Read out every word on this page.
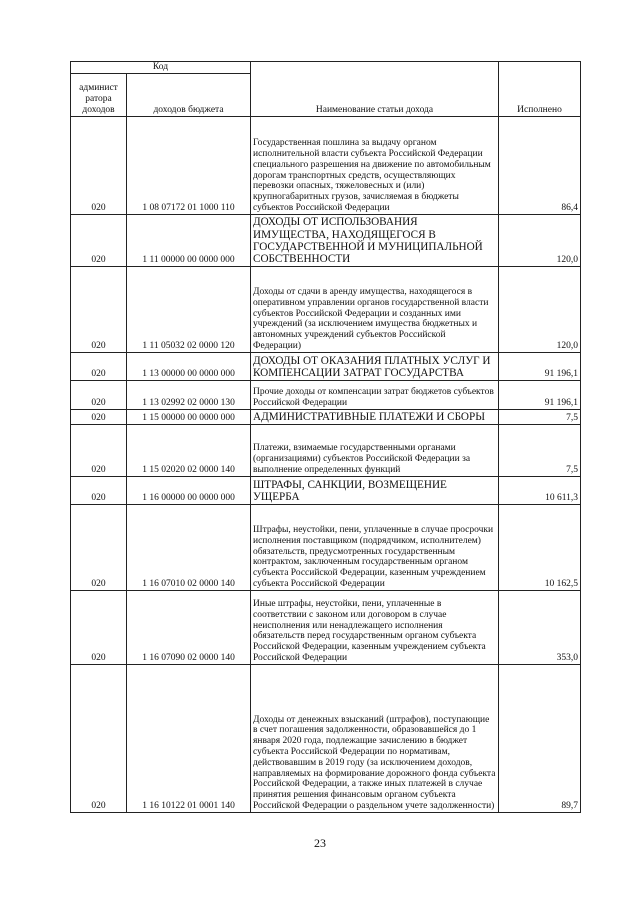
Код		Наименование статьи дохода	Исполнено
админист ратора доходов	доходов бюджета		
020	1 08 07172 01 1000 110	Государственная пошлина за выдачу органом исполнительной власти субъекта Российской Федерации специального разрешения на движение по автомобильным дорогам транспортных средств, осуществляющих перевозки опасных, тяжеловесных и (или) крупногабаритных грузов, зачисляемая в бюджеты субъектов Российской Федерации	86,4
020	1 11 00000 00 0000 000	ДОХОДЫ ОТ ИСПОЛЬЗОВАНИЯ ИМУЩЕСТВА, НАХОДЯЩЕГОСЯ В ГОСУДАРСТВЕННОЙ И МУНИЦИПАЛЬНОЙ СОБСТВЕННОСТИ	120,0
020	1 11 05032 02 0000 120	Доходы от сдачи в аренду имущества, находящегося в оперативном управлении органов государственной власти субъектов Российской Федерации и созданных ими учреждений (за исключением имущества бюджетных и автономных учреждений субъектов Российской Федерации)	120,0
020	1 13 00000 00 0000 000	ДОХОДЫ ОТ ОКАЗАНИЯ ПЛАТНЫХ УСЛУГ И КОМПЕНСАЦИИ ЗАТРАТ ГОСУДАРСТВА	91 196,1
020	1 13 02992 02 0000 130	Прочие доходы от компенсации затрат бюджетов субъектов Российской Федерации	91 196,1
020	1 15 00000 00 0000 000	АДМИНИСТРАТИВНЫЕ ПЛАТЕЖИ И СБОРЫ	7,5
020	1 15 02020 02 0000 140	Платежи, взимаемые государственными органами (организациями) субъектов Российской Федерации за выполнение определенных функций	7,5
020	1 16 00000 00 0000 000	ШТРАФЫ, САНКЦИИ, ВОЗМЕЩЕНИЕ УЩЕРБА	10 611,3
020	1 16 07010 02 0000 140	Штрафы, неустойки, пени, уплаченные в случае просрочки исполнения поставщиком (подрядчиком, исполнителем) обязательств, предусмотренных государственным контрактом, заключенным государственным органом субъекта Российской Федерации, казенным учреждением субъекта Российской Федерации	10 162,5
020	1 16 07090 02 0000 140	Иные штрафы, неустойки, пени, уплаченные в соответствии с законом или договором в случае неисполнения или ненадлежащего исполнения обязательств перед государственным органом субъекта Российской Федерации, казенным учреждением субъекта Российской Федерации	353,0
020	1 16 10122 01 0001 140	Доходы от денежных взысканий (штрафов), поступающие в счет погашения задолженности, образовавшейся до 1 января 2020 года, подлежащие зачислению в бюджет субъекта Российской Федерации по нормативам, действовавшим в 2019 году (за исключением доходов, направляемых на формирование дорожного фонда субъекта Российской Федерации, а также иных платежей в случае принятия решения финансовым органом субъекта Российской Федерации о раздельном учете задолженности)	89,7
23
